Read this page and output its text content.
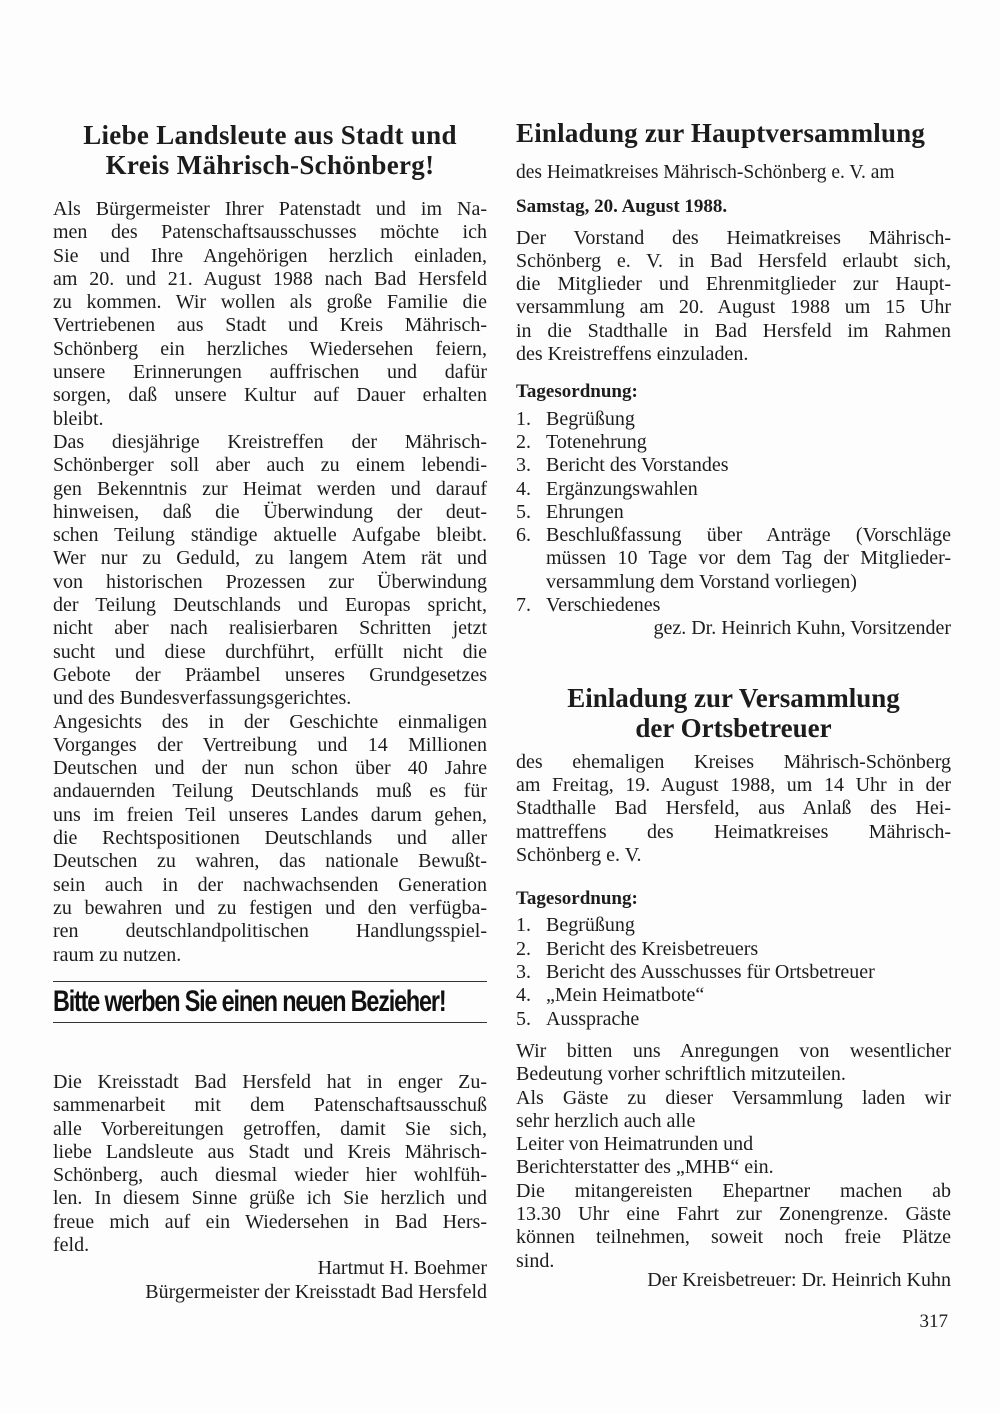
Liebe Landsleute aus Stadt und
Kreis Mährisch-Schönberg!
Als Bürgermeister Ihrer Patenstadt und im Na-
men des Patenschaftsausschusses möchte ich
Sie und Ihre Angehörigen herzlich einladen,
am 20. und 21. August 1988 nach Bad Hersfeld
zu kommen. Wir wollen als große Familie die
Vertriebenen aus Stadt und Kreis Mährisch-
Schönberg ein herzliches Wiedersehen feiern,
unsere Erinnerungen auffrischen und dafür
sorgen, daß unsere Kultur auf Dauer erhalten
bleibt.
Das diesjährige Kreistreffen der Mährisch-
Schönberger soll aber auch zu einem lebendi-
gen Bekenntnis zur Heimat werden und darauf
hinweisen, daß die Überwindung der deut-
schen Teilung ständige aktuelle Aufgabe bleibt.
Wer nur zu Geduld, zu langem Atem rät und
von historischen Prozessen zur Überwindung
der Teilung Deutschlands und Europas spricht,
nicht aber nach realisierbaren Schritten jetzt
sucht und diese durchführt, erfüllt nicht die
Gebote der Präambel unseres Grundgesetzes
und des Bundesverfassungsgerichtes.
Angesichts des in der Geschichte einmaligen
Vorganges der Vertreibung und 14 Millionen
Deutschen und der nun schon über 40 Jahre
andauernden Teilung Deutschlands muß es für
uns im freien Teil unseres Landes darum gehen,
die Rechtspositionen Deutschlands und aller
Deutschen zu wahren, das nationale Bewußt-
sein auch in der nachwachsenden Generation
zu bewahren und zu festigen und den verfügba-
ren deutschlandpolitischen Handlungsspiel-
raum zu nutzen.
Bitte werben Sie einen neuen Bezieher!
Die Kreisstadt Bad Hersfeld hat in enger Zu-
sammenarbeit mit dem Patenschaftsausschuß
alle Vorbereitungen getroffen, damit Sie sich,
liebe Landsleute aus Stadt und Kreis Mährisch-
Schönberg, auch diesmal wieder hier wohlfüh-
len. In diesem Sinne grüße ich Sie herzlich und
freue mich auf ein Wiedersehen in Bad Hers-
feld.

Hartmut H. Boehmer

Bürgermeister der Kreisstadt Bad Hersfeld

Einladung zur Hauptversammlung

des Heimatkreises Mährisch-Schönberg e. V. am

Samstag, 20. August 1988.

Der Vorstand des Heimatkreises Mährisch-
Schönberg e. V. in Bad Hersfeld erlaubt sich,
die Mitglieder und Ehrenmitglieder zur Haupt-
versammlung am 20. August 1988 um 15 Uhr
in die Stadthalle in Bad Hersfeld im Rahmen
des Kreistreffens einzuladen.

Tagesordnung:

1. Begrüßung
2. Totenehrung
3. Bericht des Vorstandes
4. Ergänzungswahlen
5. Ehrungen
6. Beschlußfassung über Anträge (Vorschläge müssen 10 Tage vor dem Tag der Mitglieder-versammlung dem Vorstand vorliegen)
7. Verschiedenes

gez. Dr. Heinrich Kuhn, Vorsitzender

Einladung zur Versammlung
der Ortsbetreuer
des ehemaligen Kreises Mährisch-Schönberg
am Freitag, 19. August 1988, um 14 Uhr in der
Stadthalle Bad Hersfeld, aus Anlaß des Hei-
mattreffens des Heimatkreises Mährisch-
Schönberg e. V.

Tagesordnung:

1. Begrüßung
2. Bericht des Kreisbetreuers
3. Bericht des Ausschusses für Ortsbetreuer
4. „Mein Heimatbote“
5. Aussprache
Wir bitten uns Anregungen von wesentlicher
Bedeutung vorher schriftlich mitzuteilen.
Als Gäste zu dieser Versammlung laden wir
sehr herzlich auch alle
Leiter von Heimatrunden und
Berichterstatter des „MHB“ ein.
Die mitangereisten Ehepartner machen ab
13.30 Uhr eine Fahrt zur Zonengrenze. Gäste
können teilnehmen, soweit noch freie Plätze
sind.

Der Kreisbetreuer: Dr. Heinrich Kuhn

317
